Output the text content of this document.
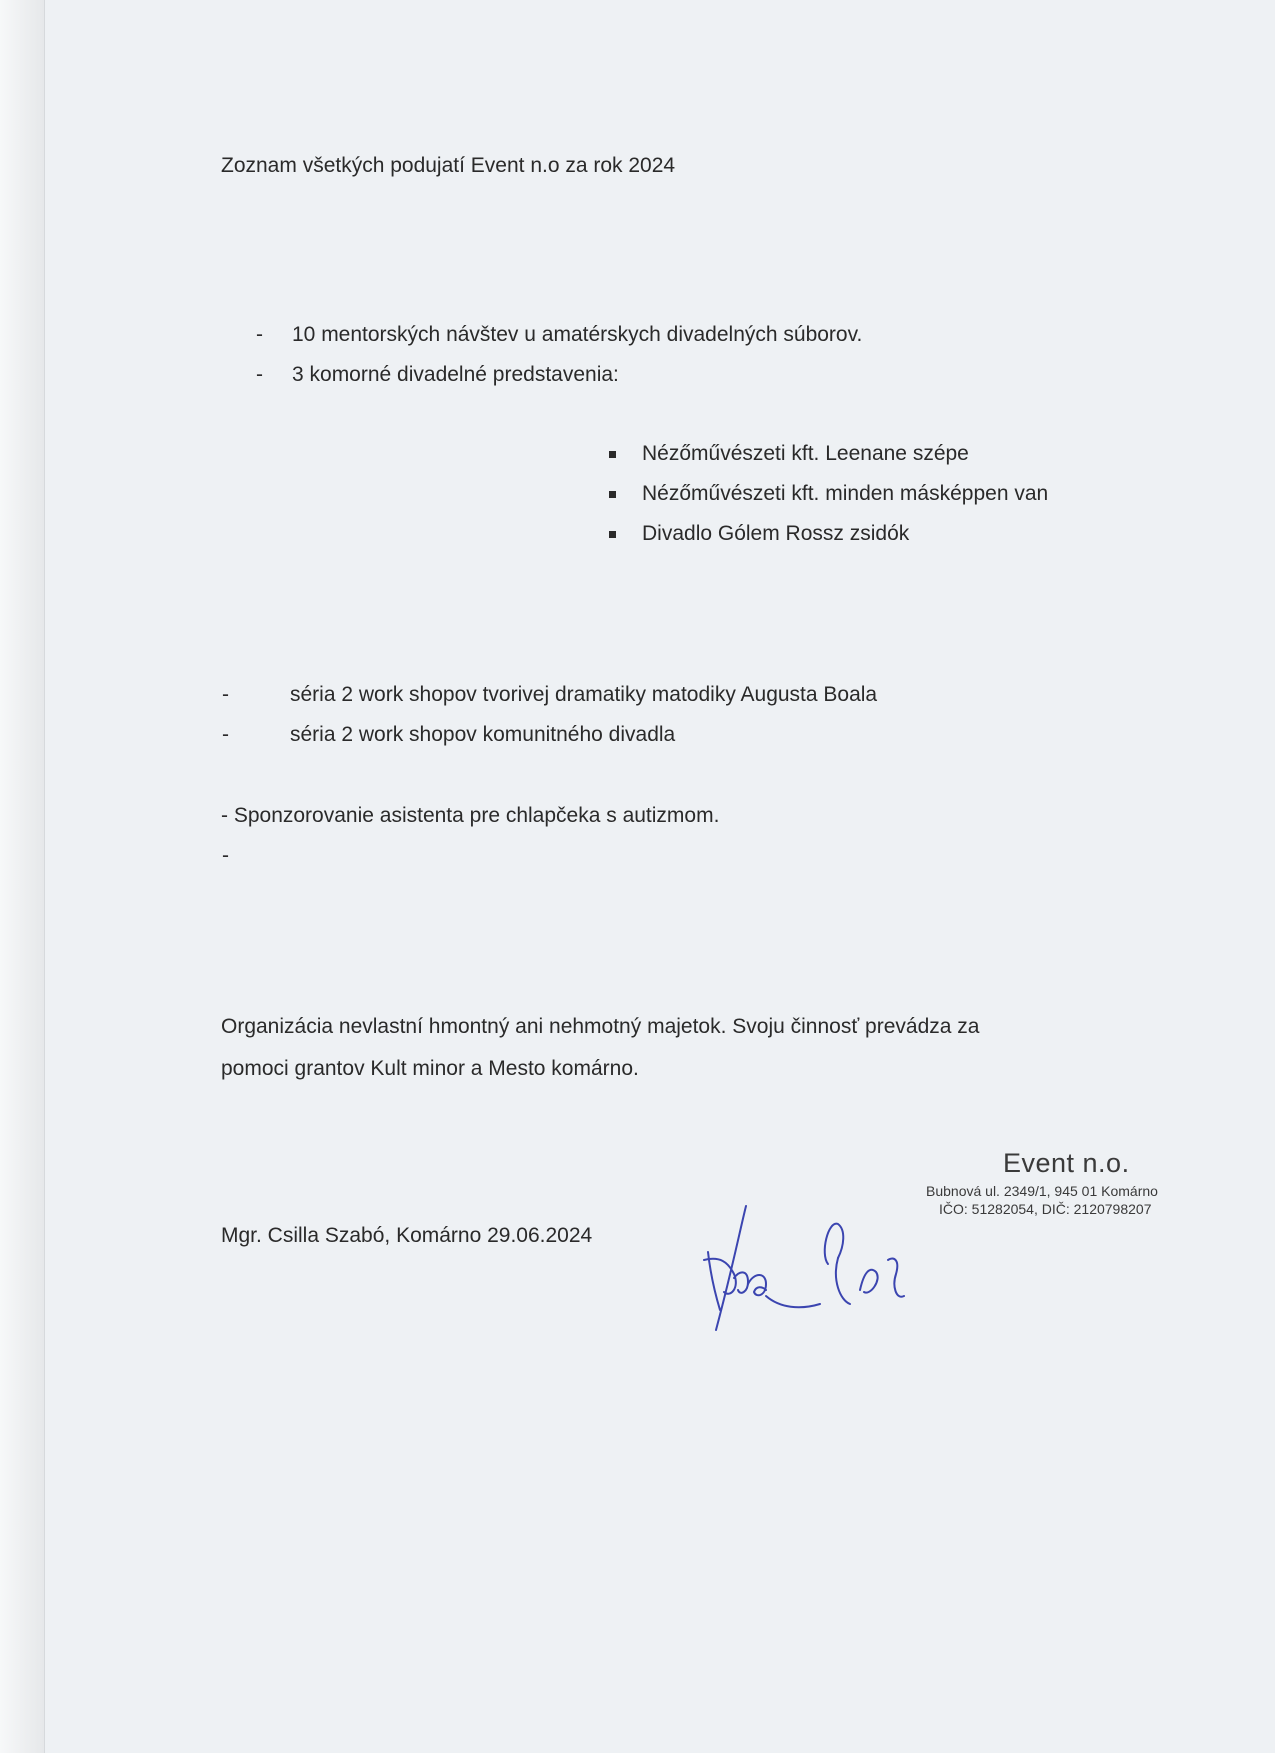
Zoznam všetkých podujatí Event n.o za rok 2024
- 10 mentorských návštev u amatérskych divadelných súborov.
- 3 komorné divadelné predstavenia:
Nézőművészeti kft. Leenane szépe
Nézőművészeti kft. minden másképpen van
Divadlo Gólem Rossz zsidók
-	séria 2 work shopov tvorivej dramatiky matodiky Augusta Boala
-	séria 2 work shopov komunitného divadla
- Sponzorovanie asistenta pre chlapčeka s autizmom.
-
Organizácia nevlastní hmontný ani nehmotný majetok. Svoju činnosť prevádza za
pomoci grantov Kult minor a Mesto komárno.
Event n.o.
Bubnová ul. 2349/1, 945 01 Komárno
IČO: 51282054, DIČ: 2120798207
Mgr. Csilla Szabó, Komárno 29.06.2024
